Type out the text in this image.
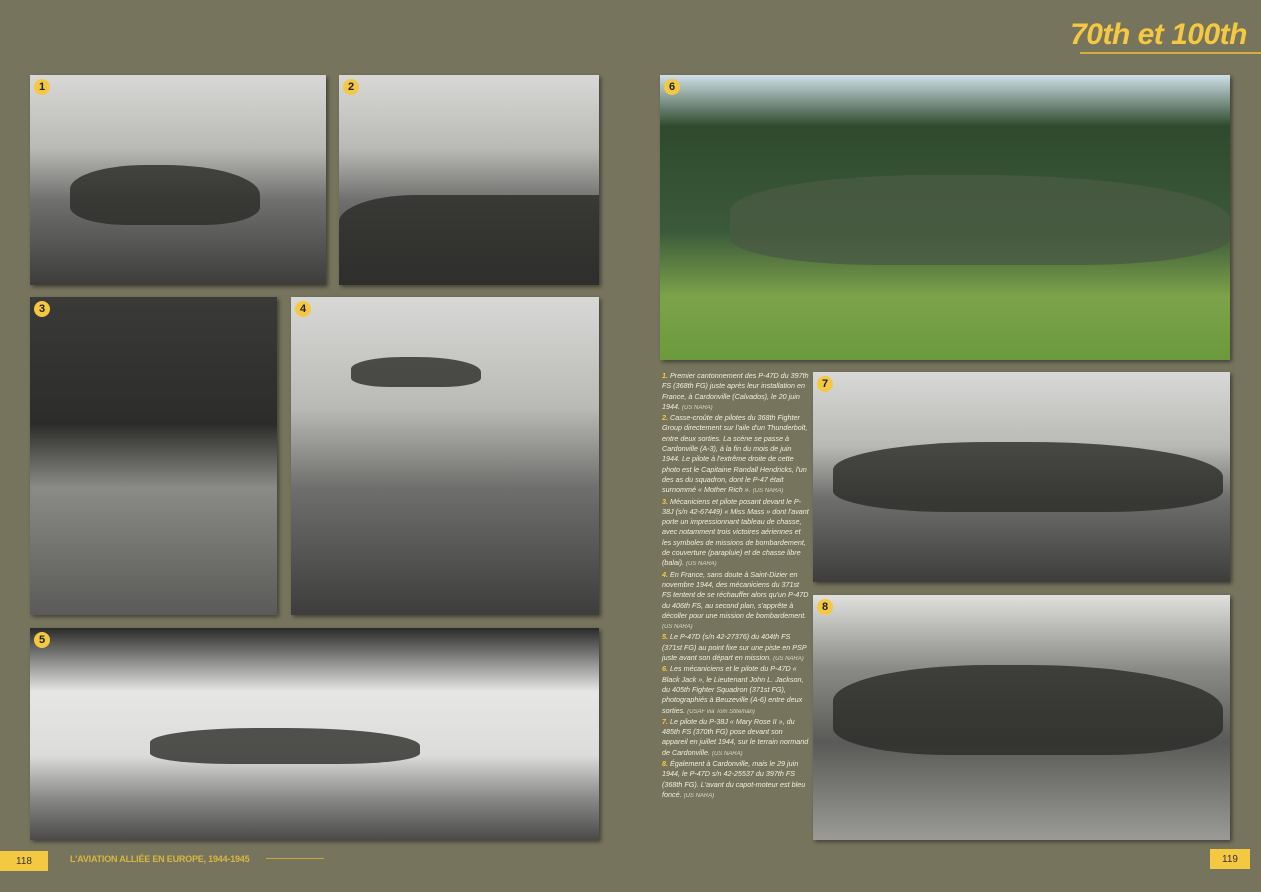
70th et 100th
1	2
3	4
5
6
7
8

1. Premier cantonnement des P-47D du 397th FS (368th FG) juste après leur installation en France, à Cardonville (Calvados), le 20 juin 1944. (US NARA)

2. Casse-croûte de pilotes du 368th Fighter Group directement sur l'aile d'un Thunderbolt, entre deux sorties. La scène se passe à Cardonville (A-3), à la fin du mois de juin 1944. Le pilote à l'extrême droite de cette photo est le Capitaine Randall Hendricks, l'un des as du squadron, dont le P-47 était surnommé « Mother Rich ». (US NARA)

3. Mécaniciens et pilote posant devant le P-38J (s/n 42-67449) « Miss Mass » dont l'avant porte un impressionnant tableau de chasse, avec notamment trois victoires aériennes et les symboles de missions de bombardement, de couverture (parapluie) et de chasse libre (balai). (US NARA)

4. En France, sans doute à Saint-Dizier en novembre 1944, des mécaniciens du 371st FS tentent de se réchauffer alors qu'un P-47D du 406th FS, au second plan, s'apprête à décoller pour une mission de bombardement. (US NARA)

5. Le P-47D (s/n 42-27376) du 404th FS (371st FG) au point fixe sur une piste en PSP juste avant son départ en mission. (US NARA)

6. Les mécaniciens et le pilote du P-47D « Black Jack », le Lieutenant John L. Jackson, du 405th Fighter Squadron (371st FG), photographiés à Beuzeville (A-6) entre deux sorties. (USAF via Tom Stiteman)

7. Le pilote du P-38J « Mary Rose II », du 485th FS (370th FG) pose devant son appareil en juillet 1944, sur le terrain normand de Cardonville. (US NARA)

8. Également à Cardonville, mais le 29 juin 1944, le P-47D s/n 42-25537 du 397th FS (368th FG). L'avant du capot-moteur est bleu foncé. (US NARA)

118	L'AVIATION ALLIÉE EN EUROPE, 1944-1945	119
